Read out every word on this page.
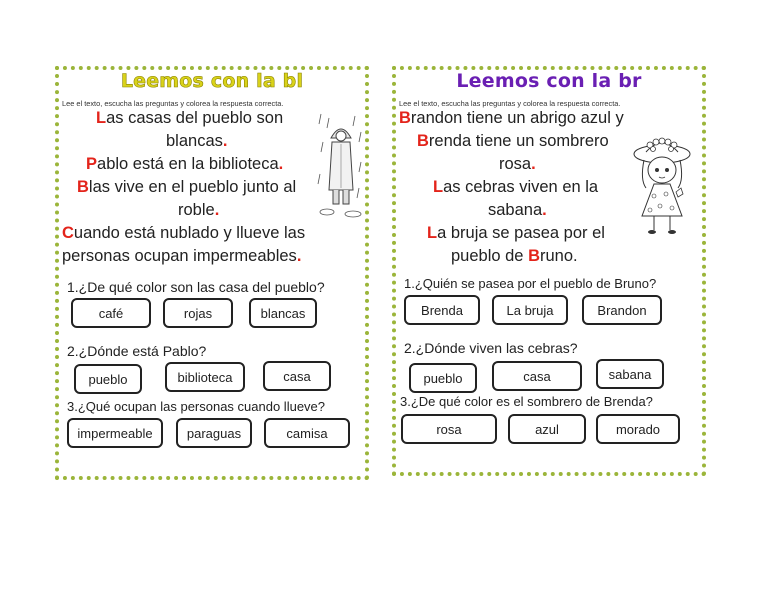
Leemos con la bl
Lee el texto, escucha las preguntas y colorea la respuesta correcta.
Las casas del pueblo son
blancas.
Pablo está en la biblioteca.
Blas vive en el pueblo junto al
roble.
Cuando está nublado y llueve las
personas ocupan impermeables.
1.¿De qué color son las casa del pueblo?
café	rojas	blancas
2.¿Dónde está Pablo?
pueblo	biblioteca	casa
3.¿Qué ocupan las personas cuando llueve?
impermeable	paraguas	camisa
Leemos con la br
Lee el texto, escucha las preguntas y colorea la respuesta correcta.
Brandon tiene un abrigo azul y
Brenda tiene un sombrero
rosa.
Las cebras viven en la
sabana.
La bruja se pasea por el
pueblo de Bruno.
1.¿Quién se pasea por el pueblo de Bruno?
Brenda	La bruja	Brandon
2.¿Dónde viven las cebras?
pueblo	casa	sabana
3.¿De qué color es el sombrero de Brenda?
rosa	azul	morado
